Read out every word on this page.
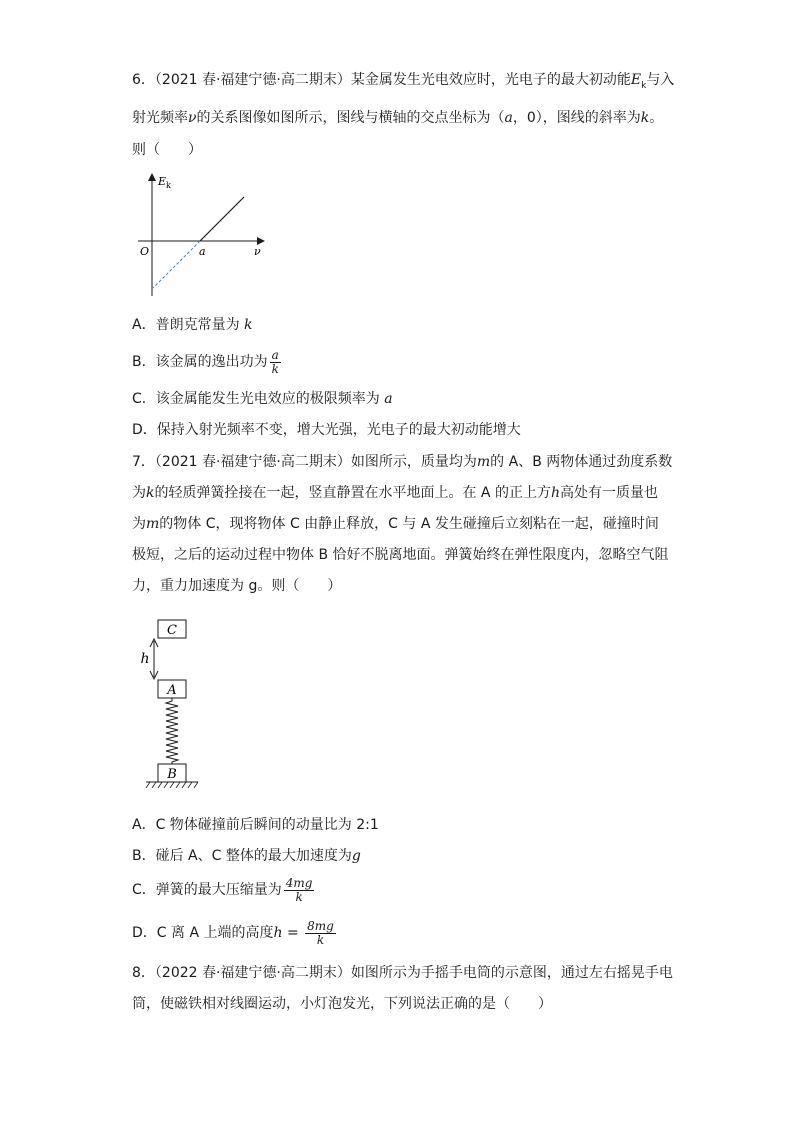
6．（2021 春·福建宁德·高二期末）某金属发生光电效应时，光电子的最大初动能$E_k$与入
射光频率ν的关系图像如图所示，图线与横轴的交点坐标为（a，0），图线的斜率为k。
则（　　）
$E_k$
O	a	ν
A．普朗克常量为 k
B．该金属的逸出功为 $\frac{a}{k}$
C．该金属能发生光电效应的极限频率为 a
D．保持入射光频率不变，增大光强，光电子的最大初动能增大
7．（2021 春·福建宁德·高二期末）如图所示，质量均为m的 A、B 两物体通过劲度系数
为k的轻质弹簧拴接在一起，竖直静置在水平地面上。在 A 的正上方h高处有一质量也
为m的物体 C，现将物体 C 由静止释放，C 与 A 发生碰撞后立刻粘在一起，碰撞时间
极短，之后的运动过程中物体 B 恰好不脱离地面。弹簧始终在弹性限度内，忽略空气阻
力，重力加速度为 g。则（　　）
C
h
A
B
A．C 物体碰撞前后瞬间的动量比为 2:1
B．碰后 A、C 整体的最大加速度为g
C．弹簧的最大压缩量为 $\frac{4mg}{k}$
D．C 离 A 上端的高度$h = \frac{8mg}{k}$
8．（2022 春·福建宁德·高二期末）如图所示为手摇手电筒的示意图，通过左右摇晃手电
筒，使磁铁相对线圈运动，小灯泡发光，下列说法正确的是（　　）
